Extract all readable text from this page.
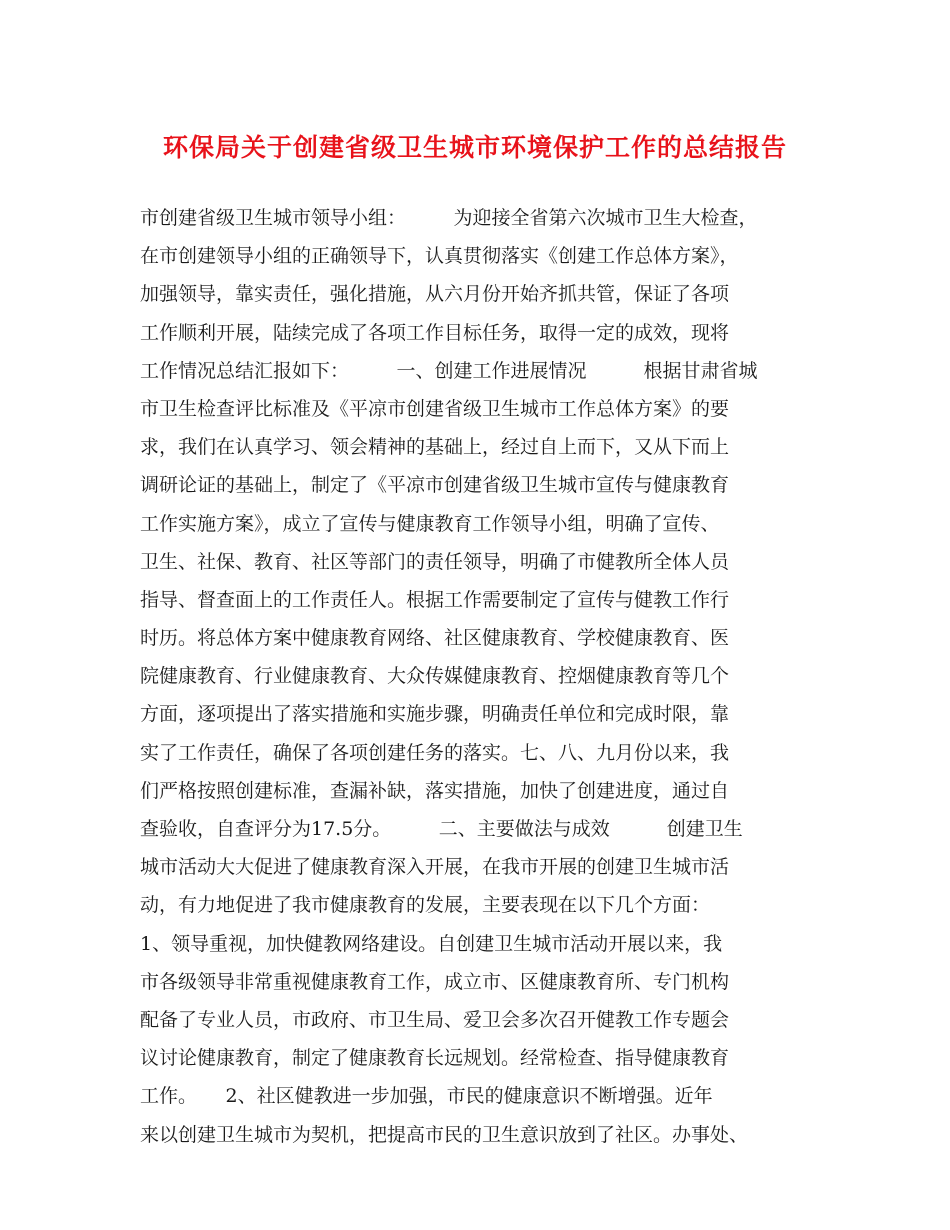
环保局关于创建省级卫生城市环境保护工作的总结报告
市创建省级卫生城市领导小组：　　　为迎接全省第六次城市卫生大检查，
在市创建领导小组的正确领导下，认真贯彻落实《创建工作总体方案》，
加强领导，靠实责任，强化措施，从六月份开始齐抓共管，保证了各项
工作顺利开展，陆续完成了各项工作目标任务，取得一定的成效，现将
工作情况总结汇报如下：　　　一、创建工作进展情况　　　根据甘肃省城
市卫生检查评比标准及《平凉市创建省级卫生城市工作总体方案》的要
求，我们在认真学习、领会精神的基础上，经过自上而下，又从下而上
调研论证的基础上，制定了《平凉市创建省级卫生城市宣传与健康教育
工作实施方案》，成立了宣传与健康教育工作领导小组，明确了宣传、
卫生、社保、教育、社区等部门的责任领导，明确了市健教所全体人员
指导、督查面上的工作责任人。根据工作需要制定了宣传与健教工作行
时历。将总体方案中健康教育网络、社区健康教育、学校健康教育、医
院健康教育、行业健康教育、大众传媒健康教育、控烟健康教育等几个
方面，逐项提出了落实措施和实施步骤，明确责任单位和完成时限，靠
实了工作责任，确保了各项创建任务的落实。七、八、九月份以来，我
们严格按照创建标准，查漏补缺，落实措施，加快了创建进度，通过自
查验收，自查评分为17.5分。　　　二、主要做法与成效　　　创建卫生
城市活动大大促进了健康教育深入开展，在我市开展的创建卫生城市活
动，有力地促进了我市健康教育的发展，主要表现在以下几个方面：
1、领导重视，加快健教网络建设。自创建卫生城市活动开展以来，我
市各级领导非常重视健康教育工作，成立市、区健康教育所、专门机构
配备了专业人员，市政府、市卫生局、爱卫会多次召开健教工作专题会
议讨论健康教育，制定了健康教育长远规划。经常检查、指导健康教育
工作。　　2、社区健教进一步加强，市民的健康意识不断增强。近年
来以创建卫生城市为契机，把提高市民的卫生意识放到了社区。办事处、
